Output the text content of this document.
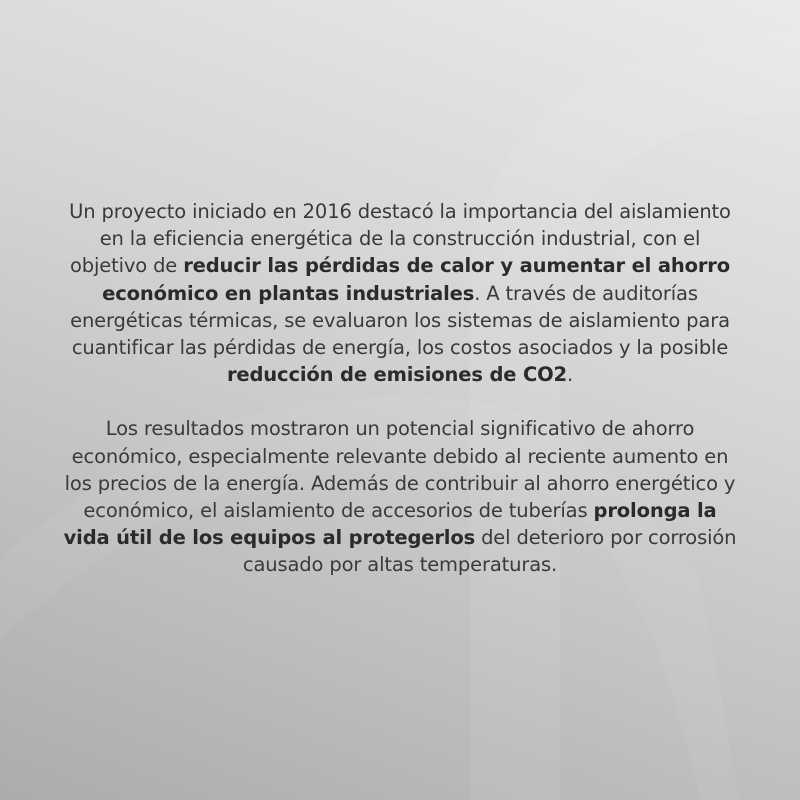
Un proyecto iniciado en 2016 destacó la importancia del aislamiento en la eficiencia energética de la construcción industrial, con el objetivo de reducir las pérdidas de calor y aumentar el ahorro económico en plantas industriales. A través de auditorías energéticas térmicas, se evaluaron los sistemas de aislamiento para cuantificar las pérdidas de energía, los costos asociados y la posible reducción de emisiones de CO2.

Los resultados mostraron un potencial significativo de ahorro económico, especialmente relevante debido al reciente aumento en los precios de la energía. Además de contribuir al ahorro energético y económico, el aislamiento de accesorios de tuberías prolonga la vida útil de los equipos al protegerlos del deterioro por corrosión causado por altas temperaturas.
